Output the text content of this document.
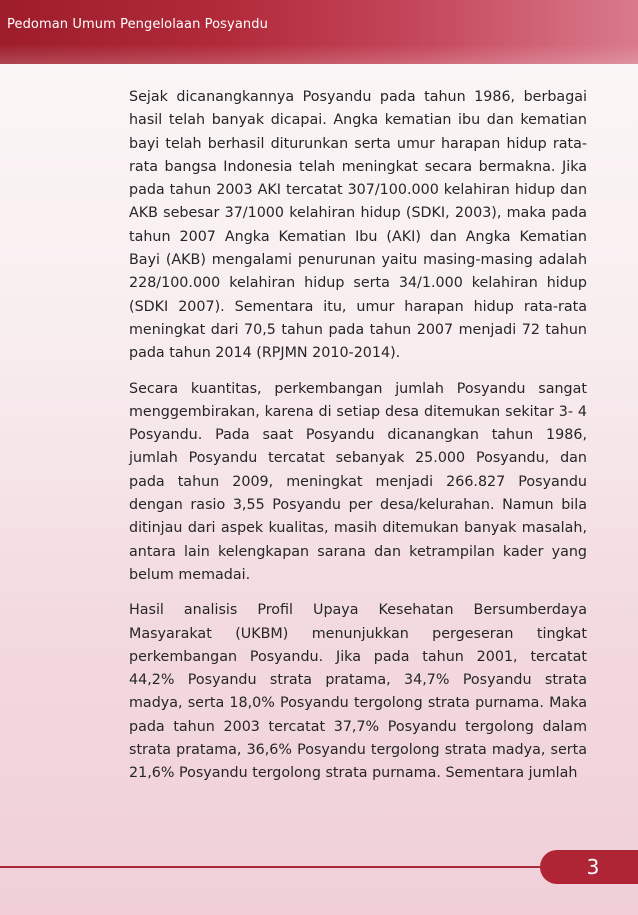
Pedoman Umum Pengelolaan Posyandu

Sejak dicanangkannya Posyandu pada tahun 1986, berbagai hasil telah banyak dicapai. Angka kematian ibu dan kematian bayi telah berhasil diturunkan serta umur harapan hidup rata-rata bangsa Indonesia telah meningkat secara bermakna. Jika pada tahun 2003 AKI tercatat 307/100.000 kelahiran hidup dan AKB sebesar 37/1000 kelahiran hidup (SDKI, 2003), maka pada tahun 2007 Angka Kematian Ibu (AKI) dan Angka Kematian Bayi (AKB) mengalami penurunan yaitu masing-masing adalah 228/100.000 kelahiran hidup serta 34/1.000 kelahiran hidup (SDKI 2007). Sementara itu, umur harapan hidup rata-rata meningkat dari 70,5 tahun pada tahun 2007 menjadi 72 tahun pada tahun 2014 (RPJMN 2010-2014).

Secara kuantitas, perkembangan jumlah Posyandu sangat menggembirakan, karena di setiap desa ditemukan sekitar 3- 4 Posyandu. Pada saat Posyandu dicanangkan tahun 1986, jumlah Posyandu tercatat sebanyak 25.000 Posyandu, dan pada tahun 2009, meningkat menjadi 266.827 Posyandu dengan rasio 3,55 Posyandu per desa/kelurahan. Namun bila ditinjau dari aspek kualitas, masih ditemukan banyak masalah, antara lain kelengkapan sarana dan ketrampilan kader yang belum memadai.

Hasil analisis Profil Upaya Kesehatan Bersumberdaya Masyarakat (UKBM) menunjukkan pergeseran tingkat perkembangan Posyandu. Jika pada tahun 2001, tercatat 44,2% Posyandu strata pratama, 34,7% Posyandu strata madya, serta 18,0% Posyandu tergolong strata purnama. Maka pada tahun 2003 tercatat 37,7% Posyandu tergolong dalam strata pratama, 36,6% Posyandu tergolong strata madya, serta 21,6% Posyandu tergolong strata purnama. Sementara jumlah

3
